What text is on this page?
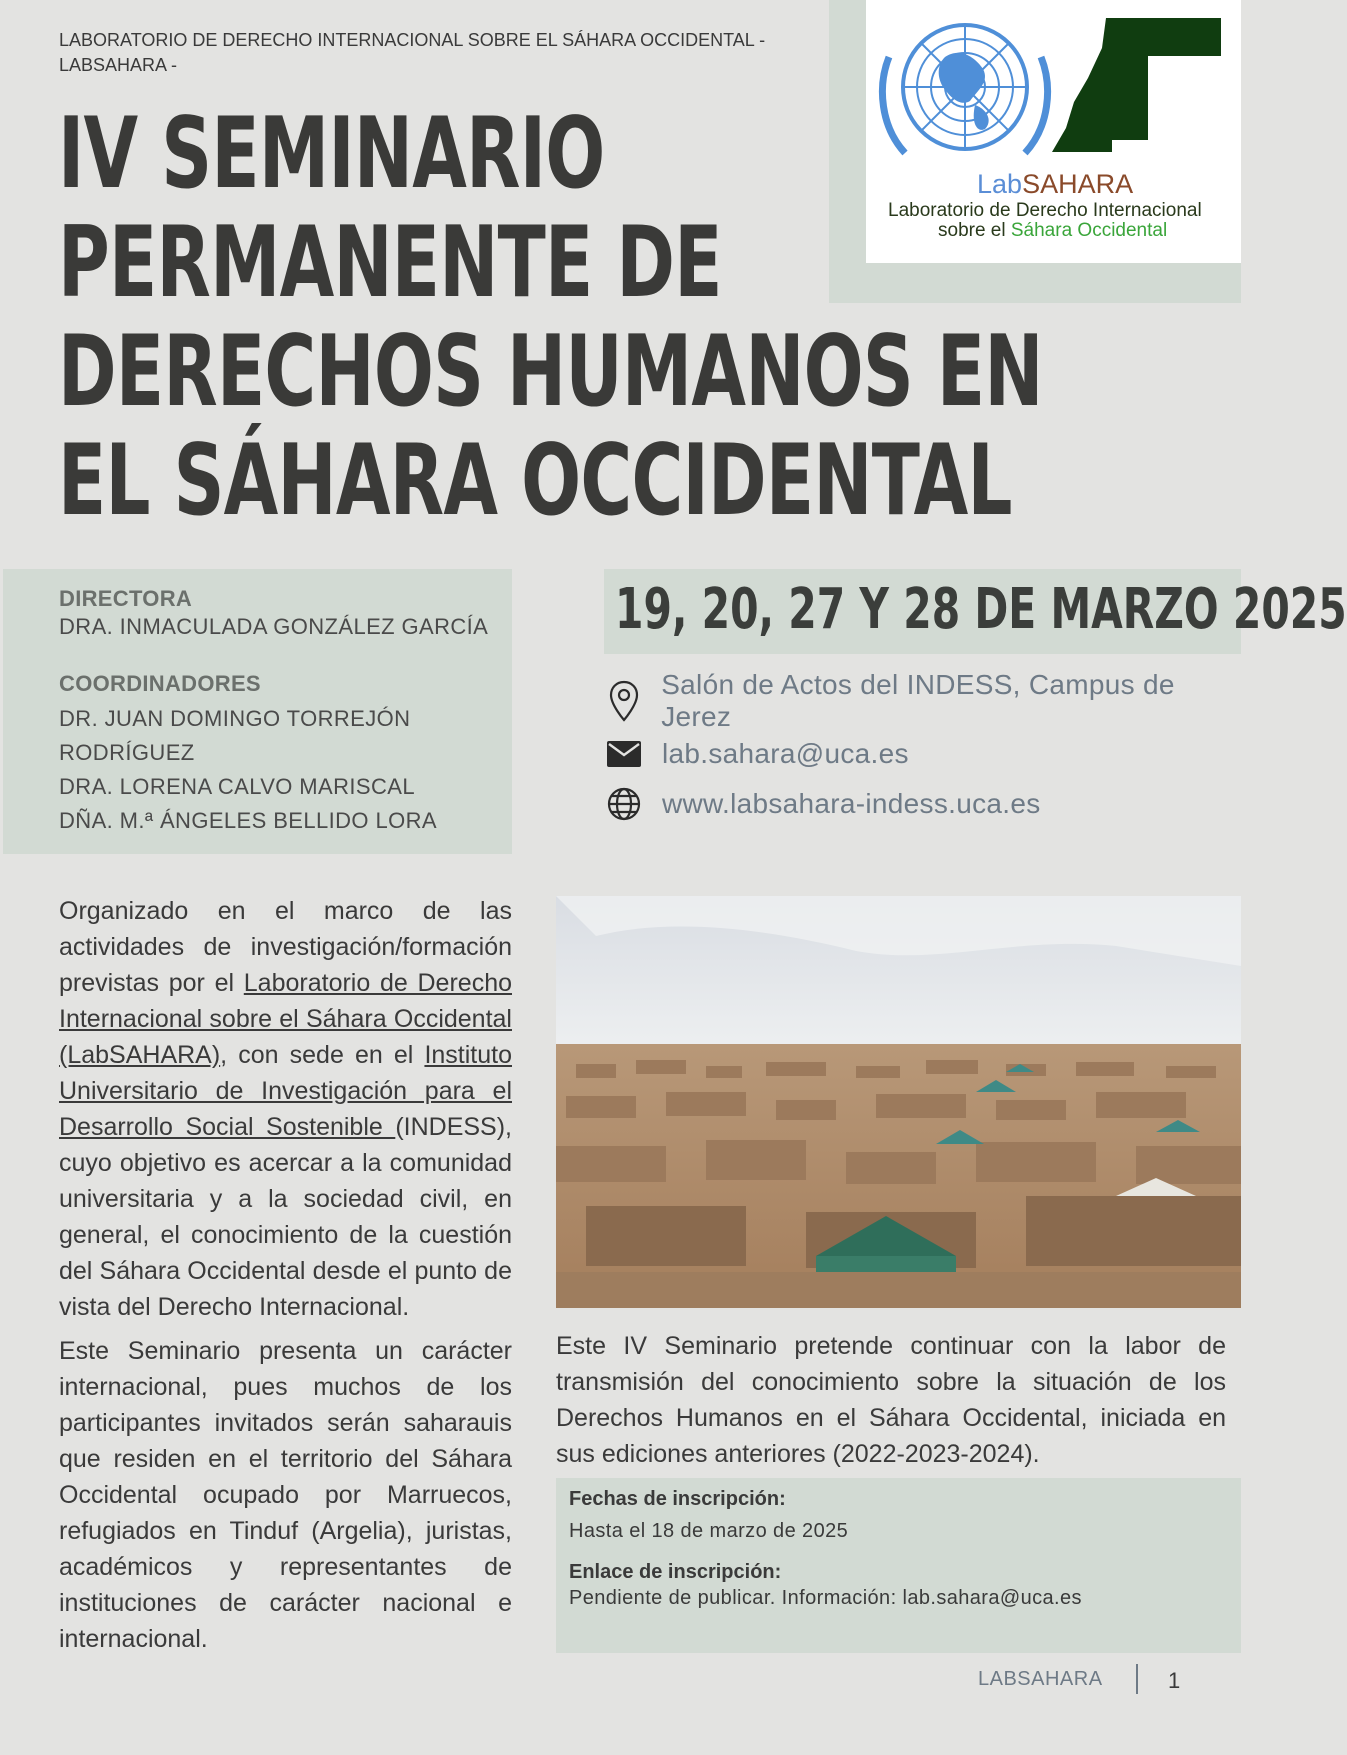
LABORATORIO DE DERECHO INTERNACIONAL SOBRE EL SÁHARA OCCIDENTAL - LABSAHARA -
IV SEMINARIO
PERMANENTE DE
DERECHOS HUMANOS EN
EL SÁHARA OCCIDENTAL
LabSAHARA
Laboratorio de Derecho Internacional
sobre el Sáhara Occidental
DIRECTORA
DRA. INMACULADA GONZÁLEZ GARCÍA
COORDINADORES
DR. JUAN DOMINGO TORREJÓN
RODRÍGUEZ
DRA. LORENA CALVO MARISCAL
DÑA. M.ª ÁNGELES BELLIDO LORA
19, 20, 27 Y 28 DE MARZO 2025
Salón de Actos del INDESS, Campus de Jerez
lab.sahara@uca.es
www.labsahara-indess.uca.es

Organizado en el marco de las actividades de investigación/formación previstas por el Laboratorio de Derecho Internacional sobre el Sáhara Occidental (LabSAHARA), con sede en el Instituto Universitario de Investigación para el Desarrollo Social Sostenible (INDESS), cuyo objetivo es acercar a la comunidad universitaria y a la sociedad civil, en general, el conocimiento de la cuestión del Sáhara Occidental desde el punto de vista del Derecho Internacional.

Este Seminario presenta un carácter internacional, pues muchos de los participantes invitados serán saharauis que residen en el territorio del Sáhara Occidental ocupado por Marruecos, refugiados en Tinduf (Argelia), juristas, académicos y representantes de instituciones de carácter nacional e internacional.

Este IV Seminario pretende continuar con la labor de transmisión del conocimiento sobre la situación de los Derechos Humanos en el Sáhara Occidental, iniciada en sus ediciones anteriores (2022-2023-2024).
Fechas de inscripción:
Hasta el 18 de marzo de 2025
Enlace de inscripción:
Pendiente de publicar. Información: lab.sahara@uca.es
LABSAHARA	1
